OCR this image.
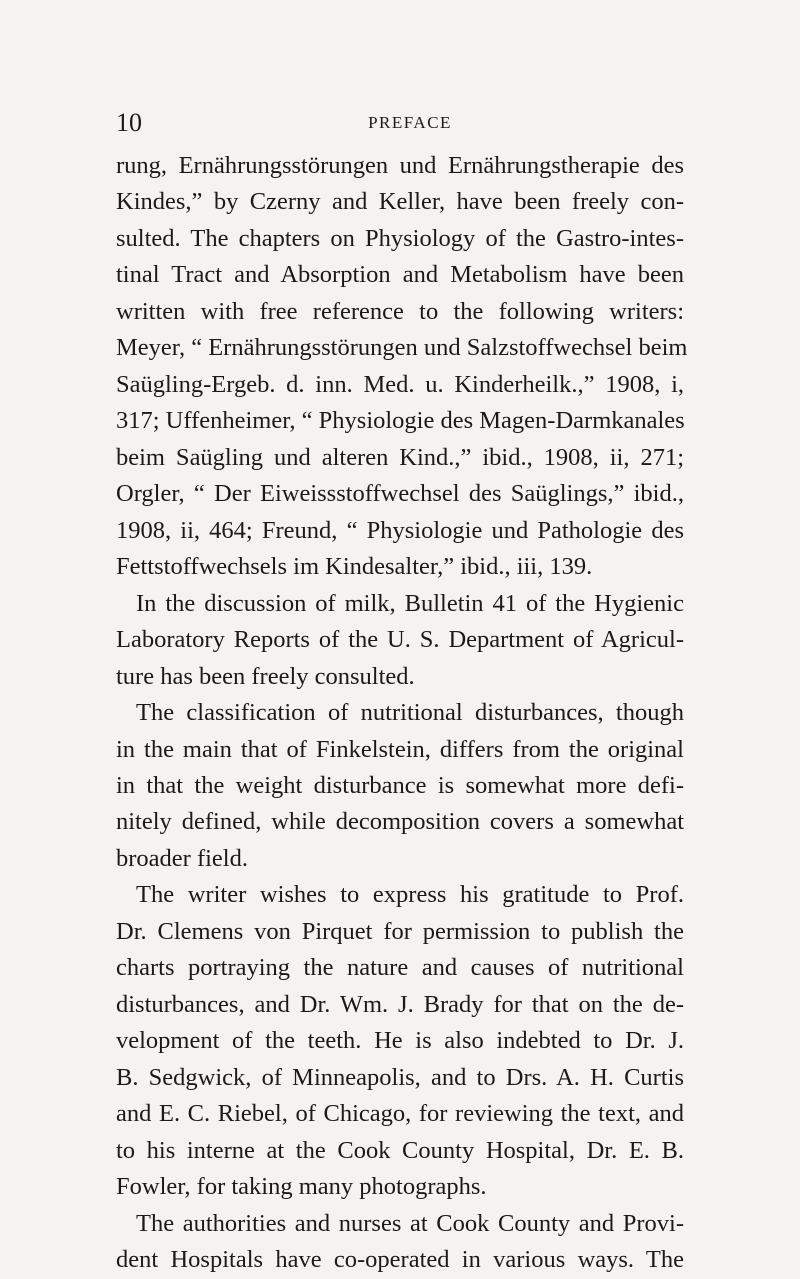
10	PREFACE
rung, Ernährungsstörungen und Ernährungstherapie des
Kindes,” by Czerny and Keller, have been freely con-
sulted. The chapters on Physiology of the Gastro-intes-
tinal Tract and Absorption and Metabolism have been
written with free reference to the following writers:
Meyer, “ Ernährungsstörungen und Salzstoffwechsel beim
Saügling-Ergeb. d. inn. Med. u. Kinderheilk.,” 1908, i,
317; Uffenheimer, “ Physiologie des Magen-Darmkanales
beim Saügling und alteren Kind.,” ibid., 1908, ii, 271;
Orgler, “ Der Eiweissstoffwechsel des Saüglings,” ibid.,
1908, ii, 464; Freund, “ Physiologie und Pathologie des
Fettstoffwechsels im Kindesalter,” ibid., iii, 139.
In the discussion of milk, Bulletin 41 of the Hygienic
Laboratory Reports of the U. S. Department of Agricul-
ture has been freely consulted.
The classification of nutritional disturbances, though
in the main that of Finkelstein, differs from the original
in that the weight disturbance is somewhat more defi-
nitely defined, while decomposition covers a somewhat
broader field.
The writer wishes to express his gratitude to Prof.
Dr. Clemens von Pirquet for permission to publish the
charts portraying the nature and causes of nutritional
disturbances, and Dr. Wm. J. Brady for that on the de-
velopment of the teeth. He is also indebted to Dr. J.
B. Sedgwick, of Minneapolis, and to Drs. A. H. Curtis
and E. C. Riebel, of Chicago, for reviewing the text, and
to his interne at the Cook County Hospital, Dr. E. B.
Fowler, for taking many photographs.
The authorities and nurses at Cook County and Provi-
dent Hospitals have co-operated in various ways. The
